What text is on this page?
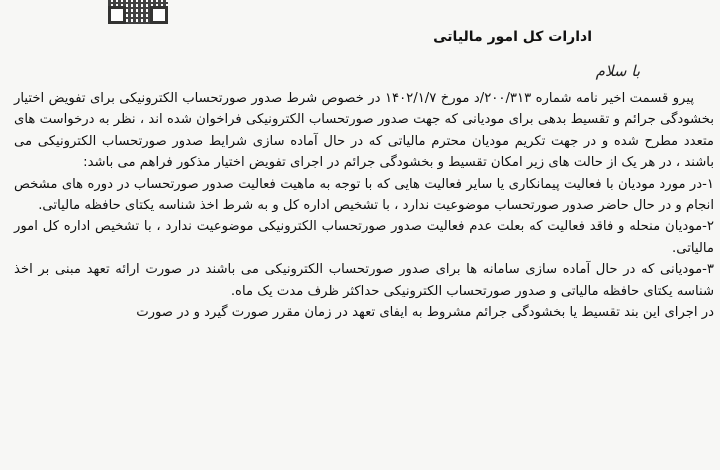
ادارات کل امور مالیاتی
با سلام

پیرو قسمت اخیر نامه شماره ۲۰۰/۳۱۳/د مورخ ۱۴۰۲/۱/۷ در خصوص شرط صدور صورتحساب الکترونیکی برای تفویض اختیار بخشودگی جرائم و تقسیط بدهی برای مودیانی که جهت صدور صورتحساب الکترونیکی فراخوان شده اند ، نظر به درخواست های متعدد مطرح شده و در جهت تکریم مودیان محترم مالیاتی که در حال آماده سازی شرایط صدور صورتحساب الکترونیکی می باشند ، در هر یک از حالت های زیر امکان تقسیط و بخشودگی جرائم در اجرای تفویض اختیار مذکور فراهم می باشد:

۱-در مورد مودیان با فعالیت پیمانکاری یا سایر فعالیت هایی که با توجه به ماهیت فعالیت صدور صورتحساب در دوره های مشخص انجام و در حال حاضر صدور صورتحساب موضوعیت ندارد ، با تشخیص اداره کل و به شرط اخذ شناسه یکتای حافظه مالیاتی.

۲-مودیان منحله و فاقد فعالیت که بعلت عدم فعالیت صدور صورتحساب الکترونیکی موضوعیت ندارد ، با تشخیص اداره کل امور مالیاتی.

۳-مودیانی که در حال آماده سازی سامانه ها برای صدور صورتحساب الکترونیکی می باشند در صورت ارائه تعهد مبنی بر اخذ شناسه یکتای حافظه مالیاتی و صدور صورتحساب الکترونیکی حداکثر ظرف مدت یک ماه.

در اجرای این بند تقسیط یا بخشودگی جرائم مشروط به ایفای تعهد در زمان مقرر صورت گیرد و در صورت
